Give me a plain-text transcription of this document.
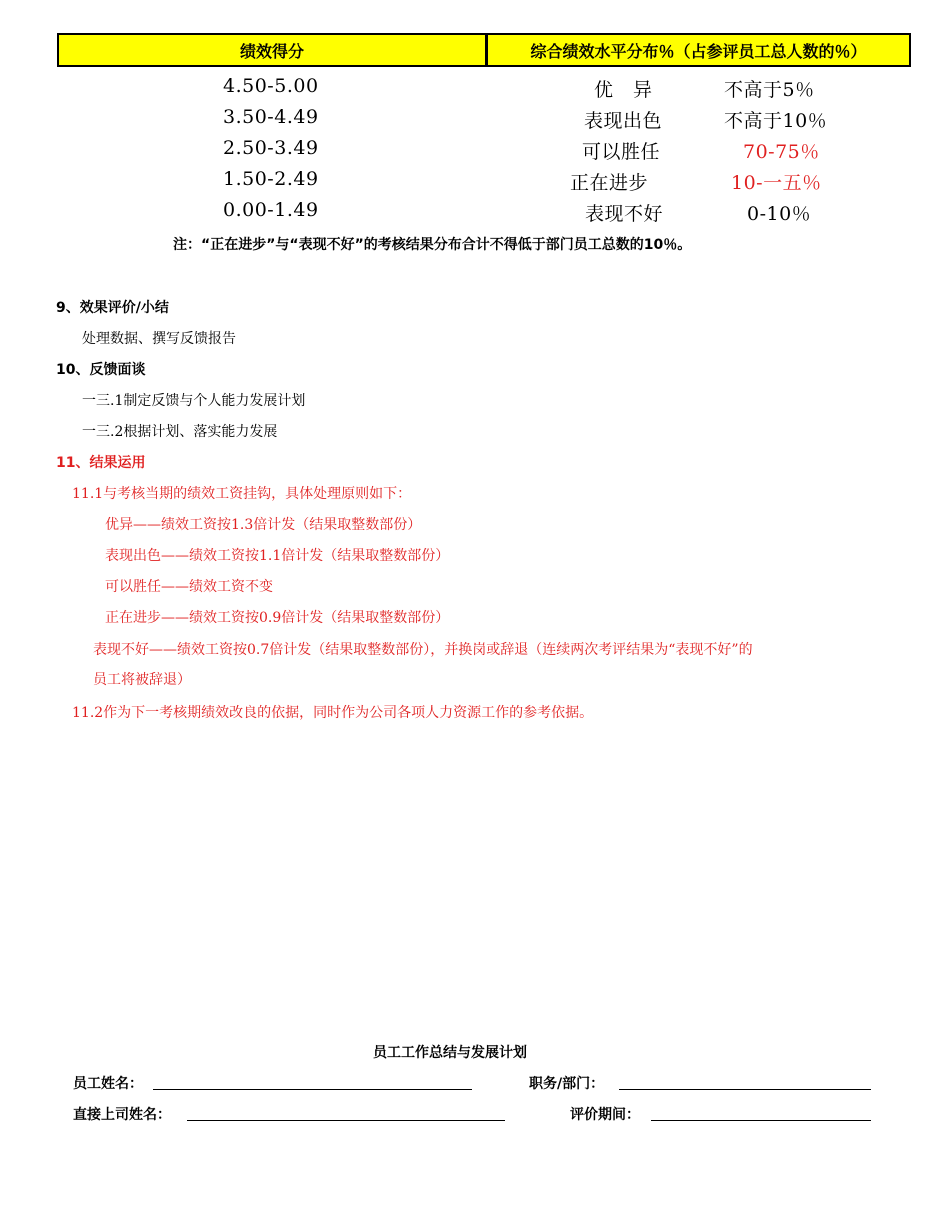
绩效得分	综合绩效水平分布％（占参评员工总人数的％）
4.50-5.00	优　异	不高于5％
3.50-4.49	表现出色	不高于10％
2.50-3.49	可以胜任	70-75％
1.50-2.49	正在进步	10-一五％
0.00-1.49	表现不好	0-10％
注：“正在进步”与“表现不好”的考核结果分布合计不得低于部门员工总数的10％。
9、效果评价/小结
处理数据、撰写反馈报告
10、反馈面谈
一三.1制定反馈与个人能力发展计划
一三.2根据计划、落实能力发展
11、结果运用
11.1与考核当期的绩效工资挂钩，具体处理原则如下：
优异——绩效工资按1.3倍计发（结果取整数部份）
表现出色——绩效工资按1.1倍计发（结果取整数部份）
可以胜任——绩效工资不变
正在进步——绩效工资按0.9倍计发（结果取整数部份）
表现不好——绩效工资按0.7倍计发（结果取整数部份），并换岗或辞退（连续两次考评结果为“表现不好”的
员工将被辞退）
11.2作为下一考核期绩效改良的依据，同时作为公司各项人力资源工作的参考依据。
员工工作总结与发展计划
员工姓名：	职务/部门：
直接上司姓名：	评价期间：
